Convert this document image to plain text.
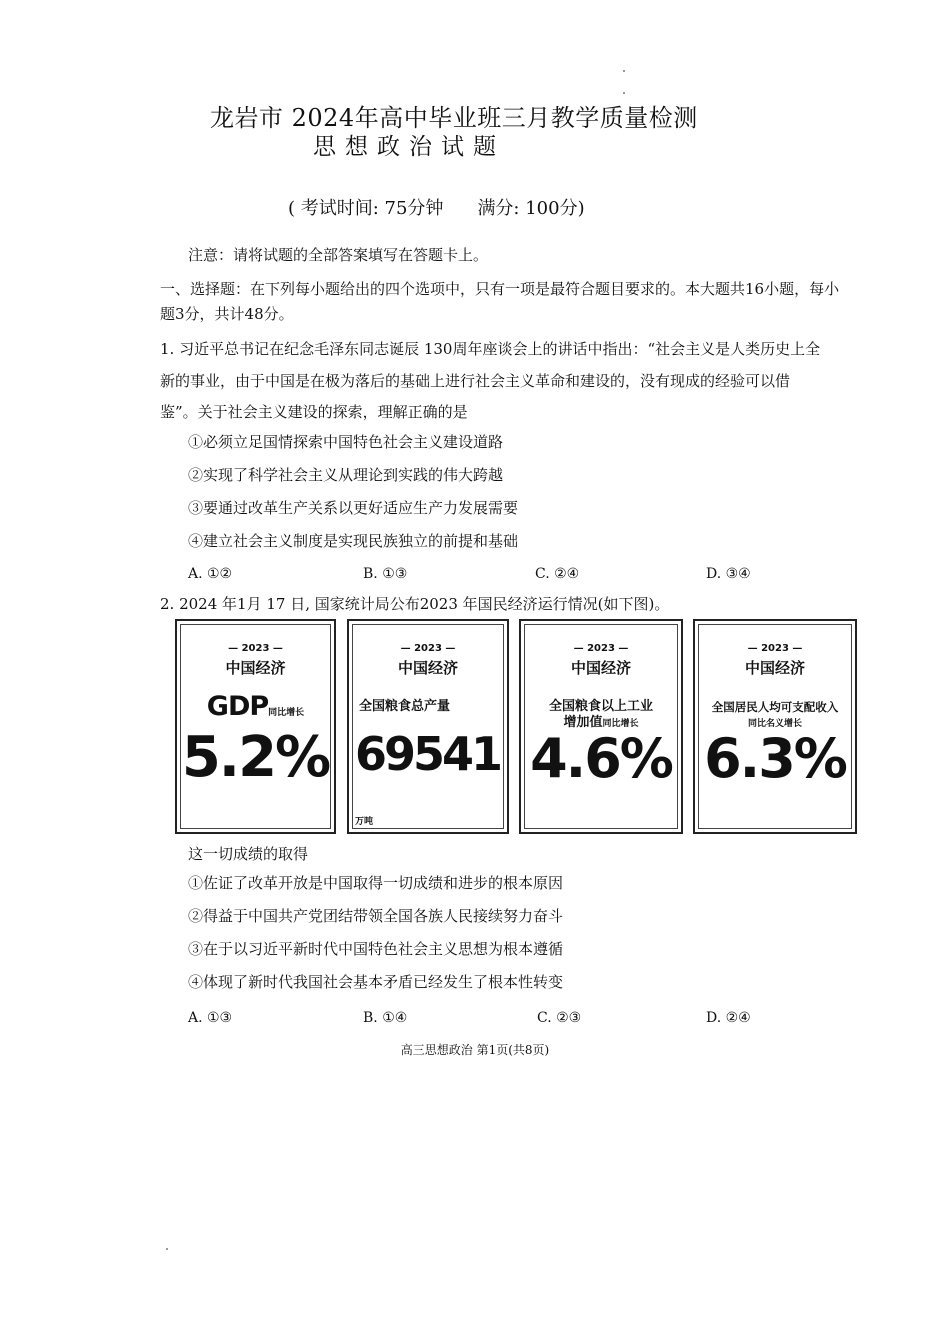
龙岩市 2024年高中毕业班三月教学质量检测
思想政治试题
( 考试时间: 75分钟 满分: 100分)
注意：请将试题的全部答案填写在答题卡上。
一、选择题：在下列每小题给出的四个选项中，只有一项是最符合题目要求的。本大题共16小题，每小
题3分，共计48分。
1. 习近平总书记在纪念毛泽东同志诞辰 130周年座谈会上的讲话中指出：“社会主义是人类历史上全
新的事业，由于中国是在极为落后的基础上进行社会主义革命和建设的，没有现成的经验可以借
鉴”。关于社会主义建设的探索，理解正确的是
①必须立足国情探索中国特色社会主义建设道路
②实现了科学社会主义从理论到实践的伟大跨越
③要通过改革生产关系以更好适应生产力发展需要
④建立社会主义制度是实现民族独立的前提和基础
A. ①②	B. ①③	C. ②④	D. ③④
2. 2024 年1月 17 日, 国家统计局公布2023 年国民经济运行情况(如下图)。
— 2023 —
中国经济
GDP同比增长
5.2%
— 2023 —
中国经济
全国粮食总产量
69541万吨
— 2023 —
中国经济
全国粮食以上工业
增加值同比增长
4.6%
— 2023 —
中国经济
全国居民人均可支配收入
同比名义增长
6.3%
这一切成绩的取得
①佐证了改革开放是中国取得一切成绩和进步的根本原因
②得益于中国共产党团结带领全国各族人民接续努力奋斗
③在于以习近平新时代中国特色社会主义思想为根本遵循
④体现了新时代我国社会基本矛盾已经发生了根本性转变
A. ①③	B. ①④	C. ②③	D. ②④
高三思想政治 第1页(共8页)
